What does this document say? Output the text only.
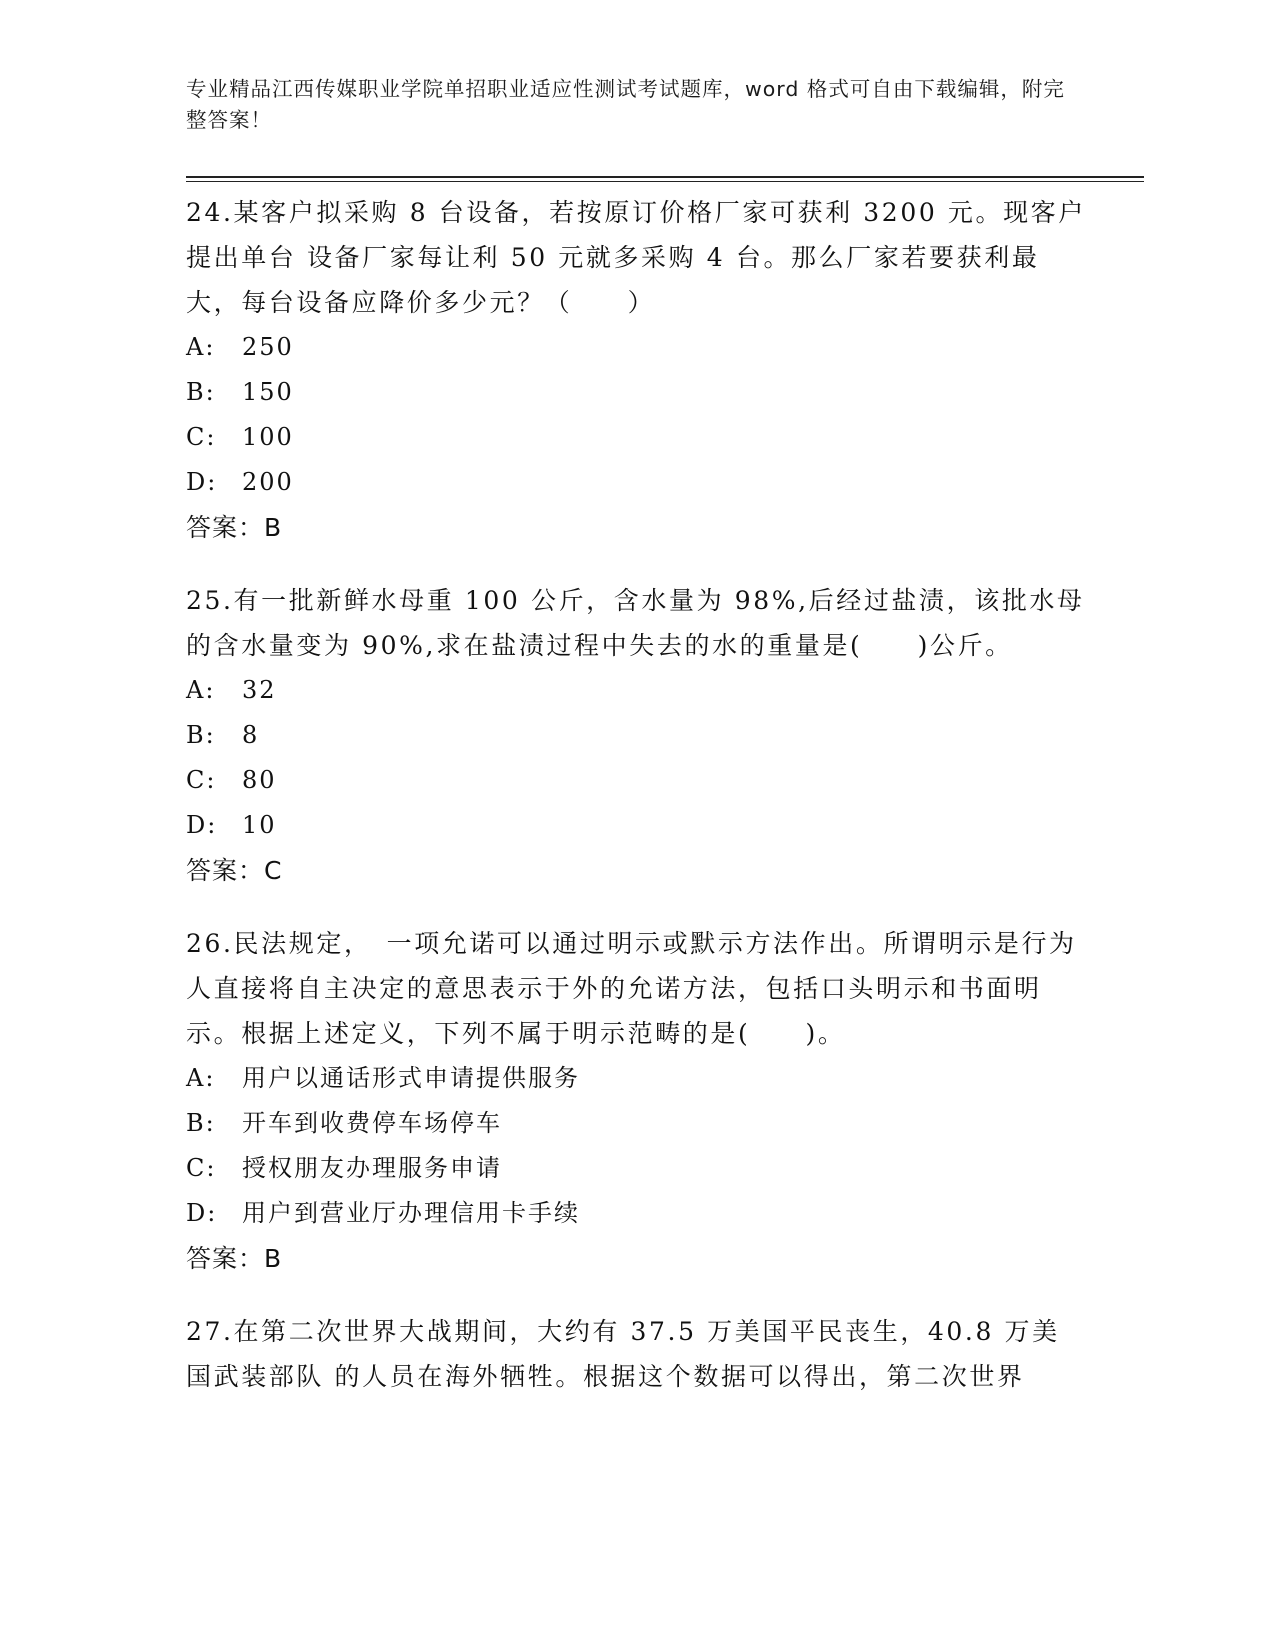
专业精品江西传媒职业学院单招职业适应性测试考试题库，word 格式可自由下载编辑，附完整答案！

24.某客户拟采购 8 台设备，若按原订价格厂家可获利 3200 元。现客户提出单台 设备厂家每让利 50 元就多采购 4 台。那么厂家若要获利最大，每台设备应降价多少元？（　　）

A: 250
B: 150
C: 100
D: 200

答案：B

25.有一批新鲜水母重 100 公斤，含水量为 98%,后经过盐渍，该批水母的含水量变为 90%,求在盐渍过程中失去的水的重量是(　　)公斤。

A: 32
B: 8
C: 80
D: 10

答案：C

26.民法规定，　一项允诺可以通过明示或默示方法作出。所谓明示是行为人直接将自主决定的意思表示于外的允诺方法，包括口头明示和书面明示。根据上述定义，下列不属于明示范畴的是(　　)。

A: 用户以通话形式申请提供服务
B: 开车到收费停车场停车
C: 授权朋友办理服务申请
D: 用户到营业厅办理信用卡手续

答案：B

27.在第二次世界大战期间，大约有 37.5 万美国平民丧生，40.8 万美国武装部队 的人员在海外牺牲。根据这个数据可以得出，第二次世界
